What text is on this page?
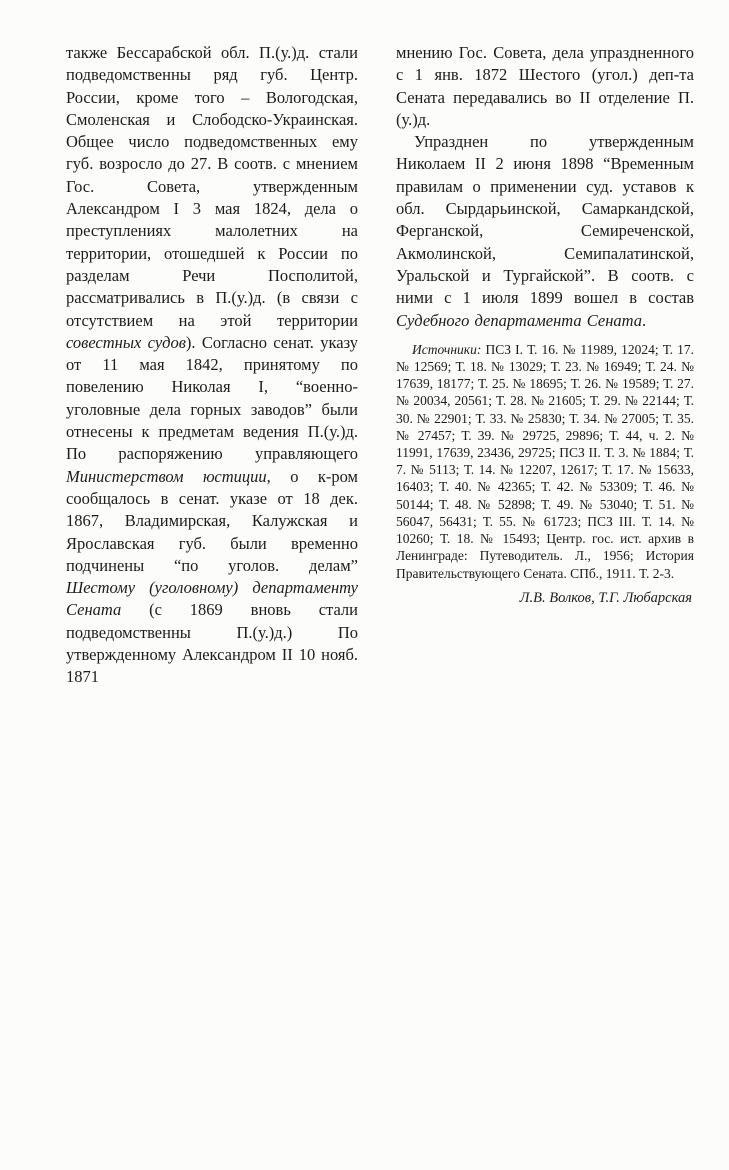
также Бессарабской обл. П.(у.)д. стали подведомственны ряд губ. Центр. России, кроме того – Вологодская, Смоленская и Слободско-Украинская. Общее число подведомственных ему губ. возросло до 27. В соотв. с мнением Гос. Совета, утвержденным Александром I 3 мая 1824, дела о преступлениях малолетних на территории, отошедшей к России по разделам Речи Посполитой, рассматривались в П.(у.)д. (в связи с отсутствием на этой территории совестных судов). Согласно сенат. указу от 11 мая 1842, принятому по повелению Николая I, “военно-уголовные дела горных заводов” были отнесены к предметам ведения П.(у.)д. По распоряжению управляющего Министерством юстиции, о к-ром сообщалось в сенат. указе от 18 дек. 1867, Владимирская, Калужская и Ярославская губ. были временно подчинены “по уголов. делам” Шестому (уголовному) департаменту Сената (с 1869 вновь стали подведомственны П.(у.)д.) По утвержденному Александром II 10 нояб. 1871

мнению Гос. Совета, дела упраздненного с 1 янв. 1872 Шестого (угол.) деп-та Сената передавались во II отделение П.(у.)д.

Упразднен по утвержденным Николаем II 2 июня 1898 “Временным правилам о применении суд. уставов к обл. Сырдарьинской, Самаркандской, Ферганской, Семиреченской, Акмолинской, Семипалатинской, Уральской и Тургайской”. В соотв. с ними с 1 июля 1899 вошел в состав Судебного департамента Сената.

Источники: ПСЗ I. Т. 16. № 11989, 12024; Т. 17. № 12569; Т. 18. № 13029; Т. 23. № 16949; Т. 24. № 17639, 18177; Т. 25. № 18695; Т. 26. № 19589; Т. 27. № 20034, 20561; Т. 28. № 21605; Т. 29. № 22144; Т. 30. № 22901; Т. 33. № 25830; Т. 34. № 27005; Т. 35. № 27457; Т. 39. № 29725, 29896; Т. 44, ч. 2. № 11991, 17639, 23436, 29725; ПСЗ II. Т. 3. № 1884; Т. 7. № 5113; Т. 14. № 12207, 12617; Т. 17. № 15633, 16403; Т. 40. № 42365; Т. 42. № 53309; Т. 46. № 50144; Т. 48. № 52898; Т. 49. № 53040; Т. 51. № 56047, 56431; Т. 55. № 61723; ПСЗ III. Т. 14. № 10260; Т. 18. № 15493; Центр. гос. ист. архив в Ленинграде: Путеводитель. Л., 1956; История Правительствующего Сената. СПб., 1911. Т. 2-3.

Л.В. Волков, Т.Г. Любарская
